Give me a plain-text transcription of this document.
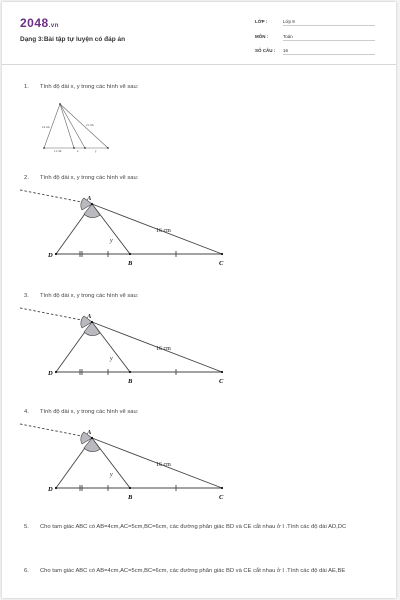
2048.vn
Dạng 3:Bài tập tự luyện có đáp án
LỚP :	Lớp 8
MÔN :	Toán
SỐ CÂU : 16
1. Tính độ dài x, y trong các hình vẽ sau:
14 cm	21 cm
11 cm	x	y
2. Tính độ dài x, y trong các hình vẽ sau:
A
D
B	C
16 cm
y
3. Tính độ dài x, y trong các hình vẽ sau:
A
D
B	C
16 cm
y
4. Tính độ dài x, y trong các hình vẽ sau:
A
D
B	C
16 cm
y
5. Cho tam giác ABC có AB=4cm,AC=5cm,BC=6cm, các đường phân giác BD và CE cắt nhau ở I .Tính các độ dài AD,DC
6. Cho tam giác ABC có AB=4cm,AC=5cm,BC=6cm, các đường phân giác BD và CE cắt nhau ở I .Tính các độ dài AE,BE
